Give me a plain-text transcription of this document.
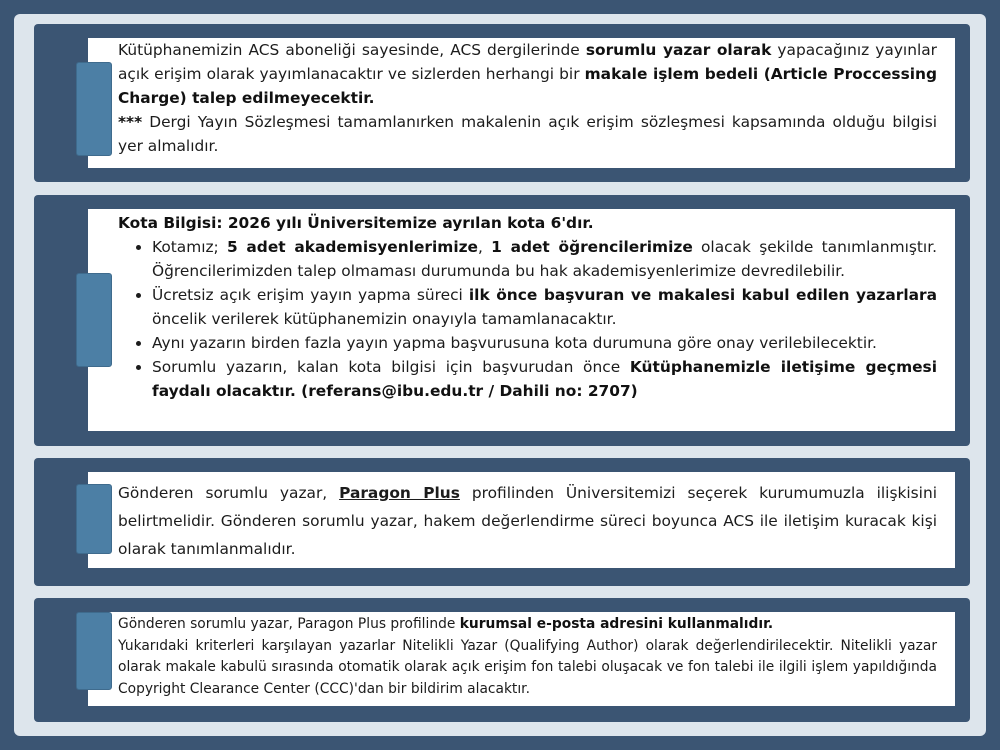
Kütüphanemizin ACS aboneliği sayesinde, ACS dergilerinde sorumlu yazar olarak yapacağınız yayınlar açık erişim olarak yayımlanacaktır ve sizlerden herhangi bir makale işlem bedeli (Article Proccessing Charge) talep edilmeyecektir.

*** Dergi Yayın Sözleşmesi tamamlanırken makalenin açık erişim sözleşmesi kapsamında olduğu bilgisi yer almalıdır.

Kota Bilgisi: 2026 yılı Üniversitemize ayrılan kota 6'dır.

• Kotamız; 5 adet akademisyenlerimize, 1 adet öğrencilerimize olacak şekilde tanımlanmıştır. Öğrencilerimizden talep olmaması durumunda bu hak akademisyenlerimize devredilebilir.
• Ücretsiz açık erişim yayın yapma süreci ilk önce başvuran ve makalesi kabul edilen yazarlara öncelik verilerek kütüphanemizin onayıyla tamamlanacaktır.
• Aynı yazarın birden fazla yayın yapma başvurusuna kota durumuna göre onay verilebilecektir.
• Sorumlu yazarın, kalan kota bilgisi için başvurudan önce Kütüphanemizle iletişime geçmesi faydalı olacaktır. (referans@ibu.edu.tr / Dahili no: 2707)

Gönderen sorumlu yazar, Paragon Plus profilinden Üniversitemizi seçerek kurumumuzla ilişkisini belirtmelidir. Gönderen sorumlu yazar, hakem değerlendirme süreci boyunca ACS ile iletişim kuracak kişi olarak tanımlanmalıdır.

Gönderen sorumlu yazar, Paragon Plus profilinde kurumsal e-posta adresini kullanmalıdır.

Yukarıdaki kriterleri karşılayan yazarlar Nitelikli Yazar (Qualifying Author) olarak değerlendirilecektir. Nitelikli yazar olarak makale kabulü sırasında otomatik olarak açık erişim fon talebi oluşacak ve fon talebi ile ilgili işlem yapıldığında Copyright Clearance Center (CCC)'dan bir bildirim alacaktır.
